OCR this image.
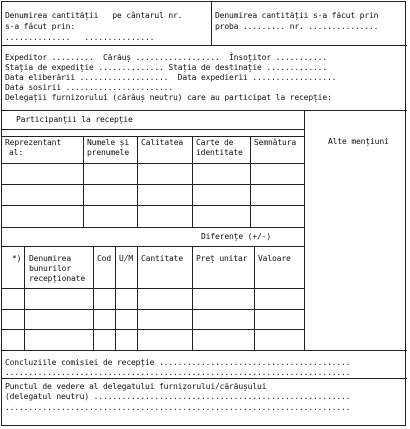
Denumirea cantității   pe cântarul nr.
s-a făcut prin:
..............   ...............
Denumirea cantității s-a făcut prin
proba ......... nr. ...............
Expeditor .........  Cărăuș ..................  Însoțitor ...........
Stația de expediție .............. Stația de destinație .............
Data eliberării ...................  Data expedierii ..................
Data sosirii .......................
Delegații furnizorului (cărăuș neutru) care au participat la recepție:
Participanții la recepție
Alte mențiuni
Reprezentant
al:
Numele și
prenumele
Calitatea Carte de
identitate
Semnătura
Diferențe (+/-)
*) Denumirea
bunurilor
recepționate
Cod U/M Cantitate Preț unitar Valoare
Concluziile comisiei de recepție .........................................
..........................................................................
Punctul de vedere al delegatului furnizorului/cărăușului
(delegatul neutru) .......................................................
..........................................................................
